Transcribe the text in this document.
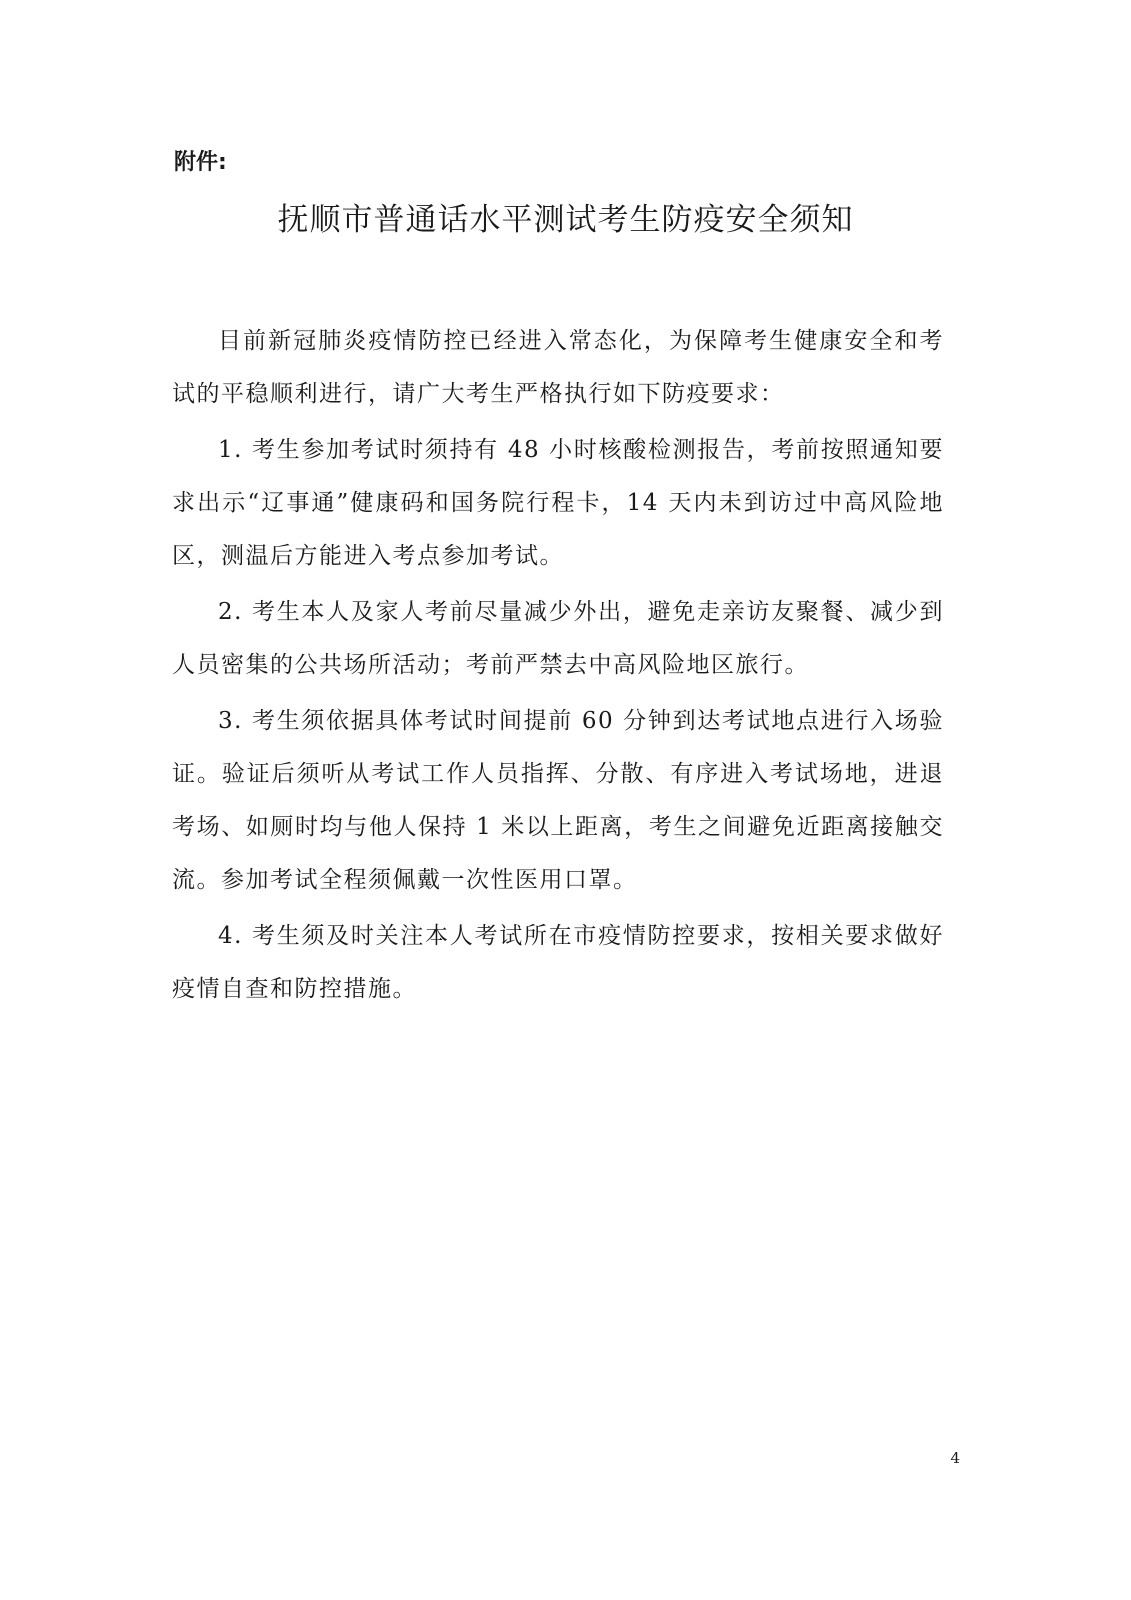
附件:

抚顺市普通话水平测试考生防疫安全须知

目前新冠肺炎疫情防控已经进入常态化，为保障考生健康安全和考试的平稳顺利进行，请广大考生严格执行如下防疫要求：

1. 考生参加考试时须持有 48 小时核酸检测报告，考前按照通知要求出示“辽事通”健康码和国务院行程卡，14 天内未到访过中高风险地区，测温后方能进入考点参加考试。

2. 考生本人及家人考前尽量减少外出，避免走亲访友聚餐、减少到人员密集的公共场所活动；考前严禁去中高风险地区旅行。

3. 考生须依据具体考试时间提前 60 分钟到达考试地点进行入场验证。验证后须听从考试工作人员指挥、分散、有序进入考试场地，进退考场、如厕时均与他人保持 1 米以上距离，考生之间避免近距离接触交流。参加考试全程须佩戴一次性医用口罩。

4. 考生须及时关注本人考试所在市疫情防控要求，按相关要求做好疫情自查和防控措施。

4
